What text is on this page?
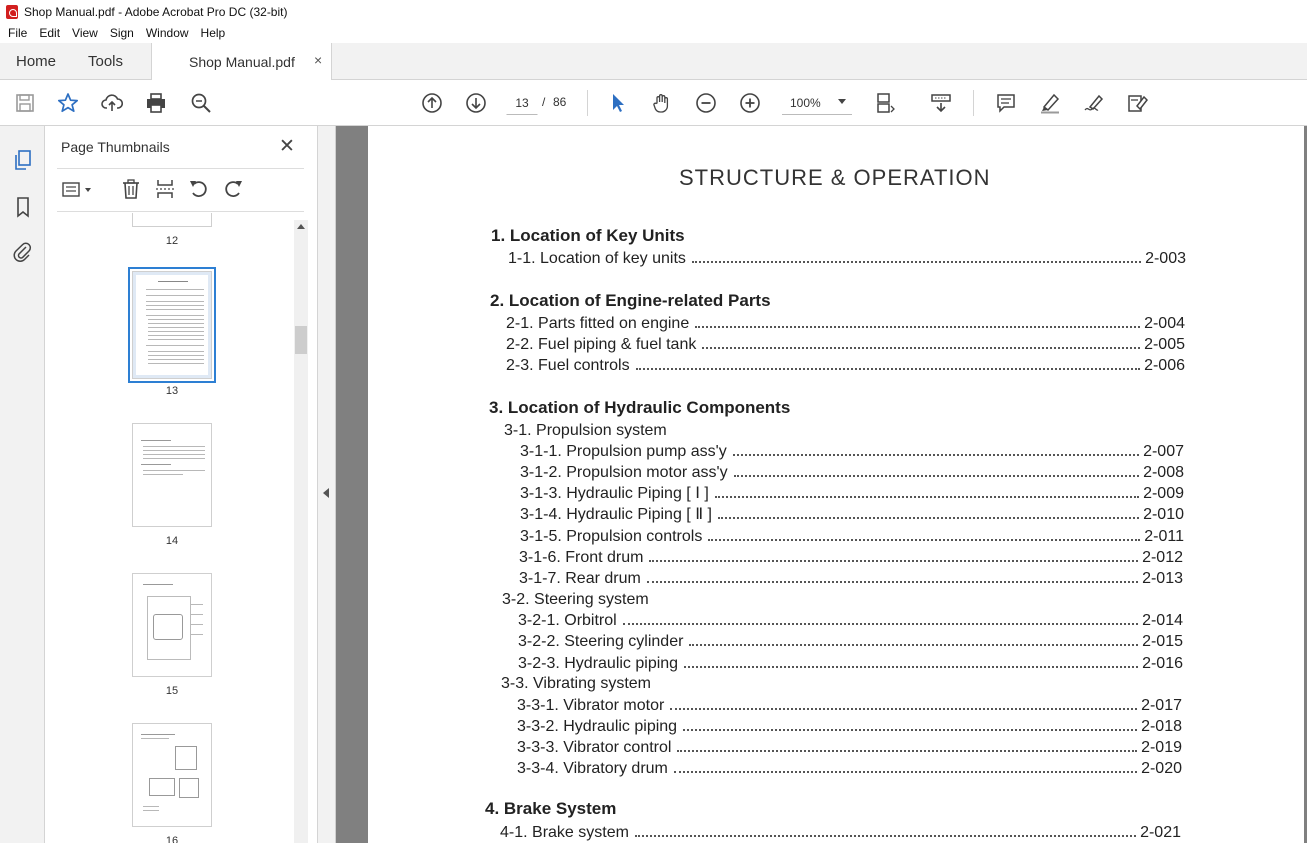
Shop Manual.pdf - Adobe Acrobat Pro DC (32-bit)
File Edit View Sign Window Help
Home Tools	Shop Manual.pdf ×
13	/ 86	100%
Page Thumbnails	✕
12
13
14
15
16
STRUCTURE & OPERATION
1. Location of Key Units
1-1. Location of key units	2-003
2. Location of Engine-related Parts
2-1. Parts fitted on engine	2-004
2-2. Fuel piping & fuel tank	2-005
2-3. Fuel controls	2-006
3. Location of Hydraulic Components
3-1. Propulsion system
3-1-1. Propulsion pump ass'y	2-007
3-1-2. Propulsion motor ass'y	2-008
3-1-3. Hydraulic Piping [ Ⅰ ]	2-009
3-1-4. Hydraulic Piping [ Ⅱ ]	2-010
3-1-5. Propulsion controls	2-011
3-1-6. Front drum	2-012
3-1-7. Rear drum	2-013
3-2. Steering system
3-2-1. Orbitrol	2-014
3-2-2. Steering cylinder	2-015
3-2-3. Hydraulic piping	2-016
3-3. Vibrating system
3-3-1. Vibrator motor	2-017
3-3-2. Hydraulic piping	2-018
3-3-3. Vibrator control	2-019
3-3-4. Vibratory drum	2-020
4. Brake System
4-1. Brake system	2-021
